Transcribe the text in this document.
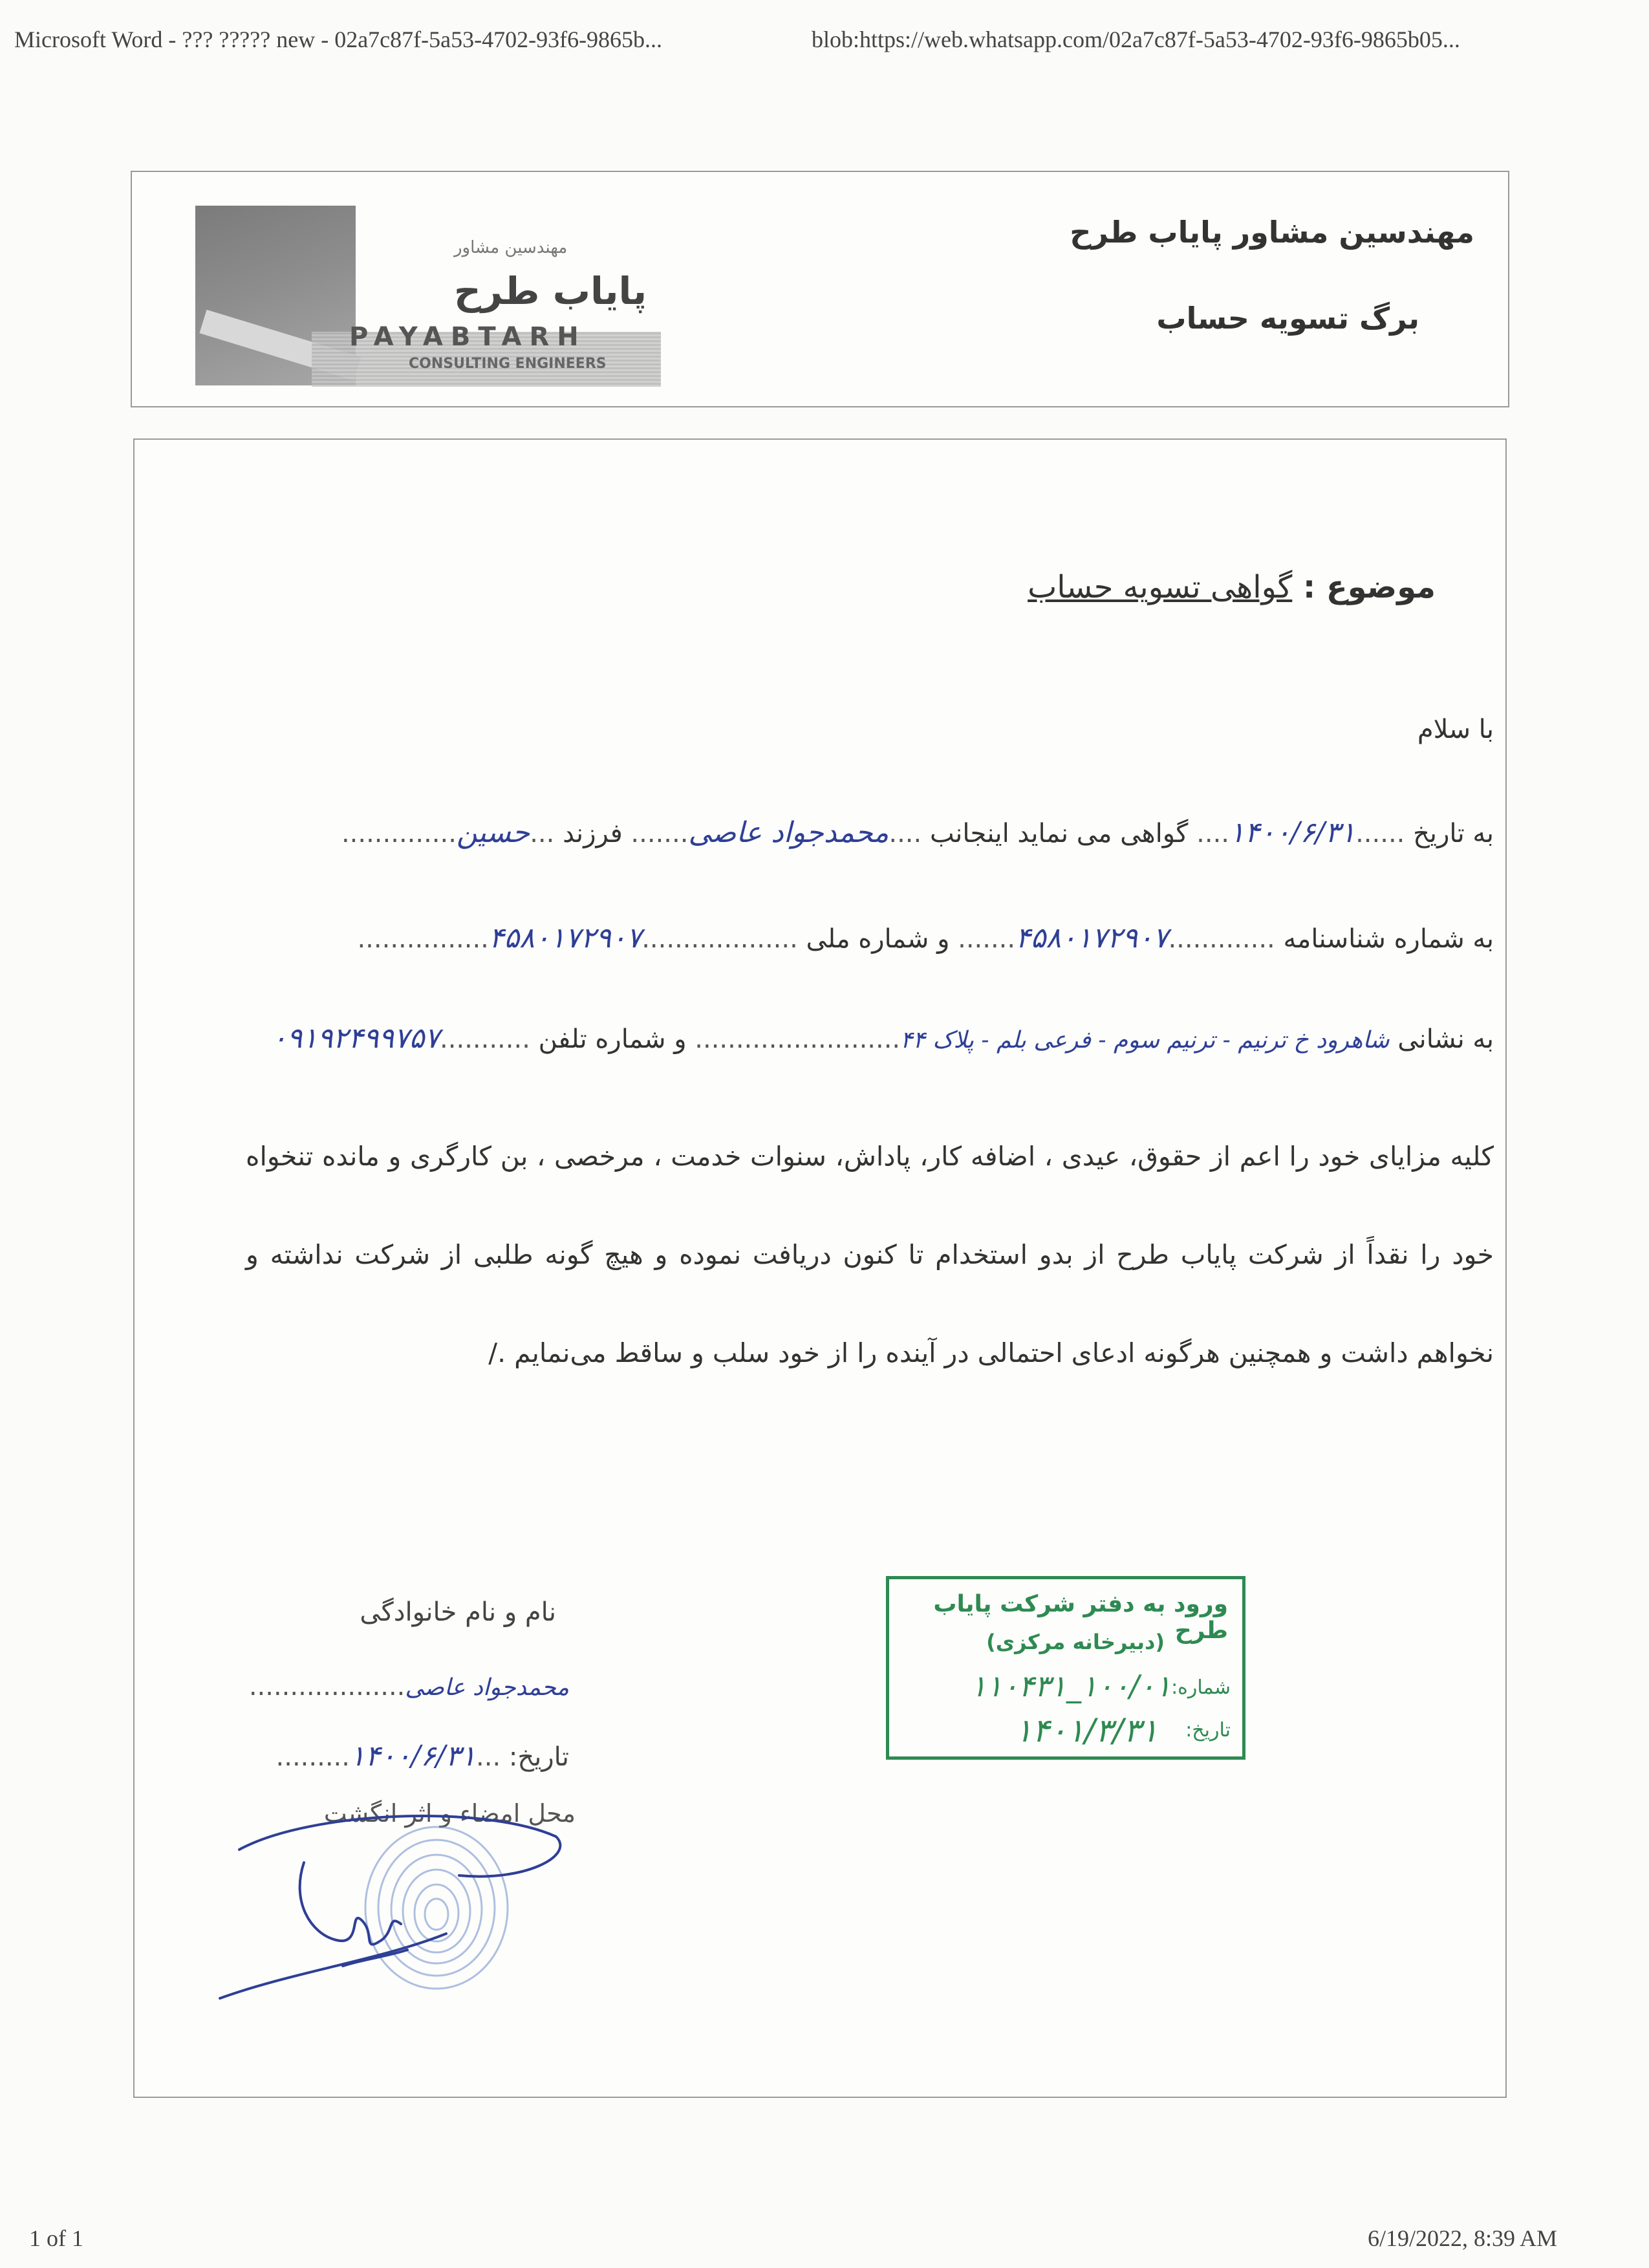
Microsoft Word - ??? ????? new - 02a7c87f-5a53-4702-93f6-9865b...	blob:https://web.whatsapp.com/02a7c87f-5a53-4702-93f6-9865b05...
1 of 1	6/19/2022, 8:39 AM
مهندسین مشاور
پایاب طرح
PAYABTARH
CONSULTING ENGINEERS
مهندسین مشاور پایاب طرح
برگ تسویه حساب
موضوع : گواهی تسویه حساب
با سلام
به تاریخ ......۱۴۰۰/۶/۳۱.... گواهی می نماید اینجانب ....محمدجواد عاصی....... فرزند ...حسین..............
به شماره شناسنامه .............۴۵۸۰۱۷۲۹۰۷....... و شماره ملی ...................۴۵۸۰۱۷۲۹۰۷................
به نشانی شاهرود خ ترنیم - ترنیم سوم - فرعی بلم - پلاک ۴۴......................... و شماره تلفن ...........۰۹۱۹۲۴۹۹۷۵۷
کلیه مزایای خود را اعم از حقوق، عیدی ، اضافه کار، پاداش، سنوات خدمت ، مرخصی ، بن کارگری و مانده تنخواه خود را نقداً از شرکت پایاب طرح از بدو استخدام تا کنون دریافت نموده و هیچ گونه طلبی از شرکت نداشته و نخواهم داشت و همچنین هرگونه ادعای احتمالی در آینده را از خود سلب و ساقط می‌نمایم ./
ورود به دفتر شرکت پایاب طرح
(دبیرخانه مرکزی)
شماره:
۱۰۰/۰۱_۱۱۰۴۳۱
تاریخ:
۱۴۰۱/۳/۳۱
نام و نام خانوادگی
محمدجواد عاصی...................
تاریخ: ...۱۴۰۰/۶/۳۱.........
محل امضاء و اثر انگشت
